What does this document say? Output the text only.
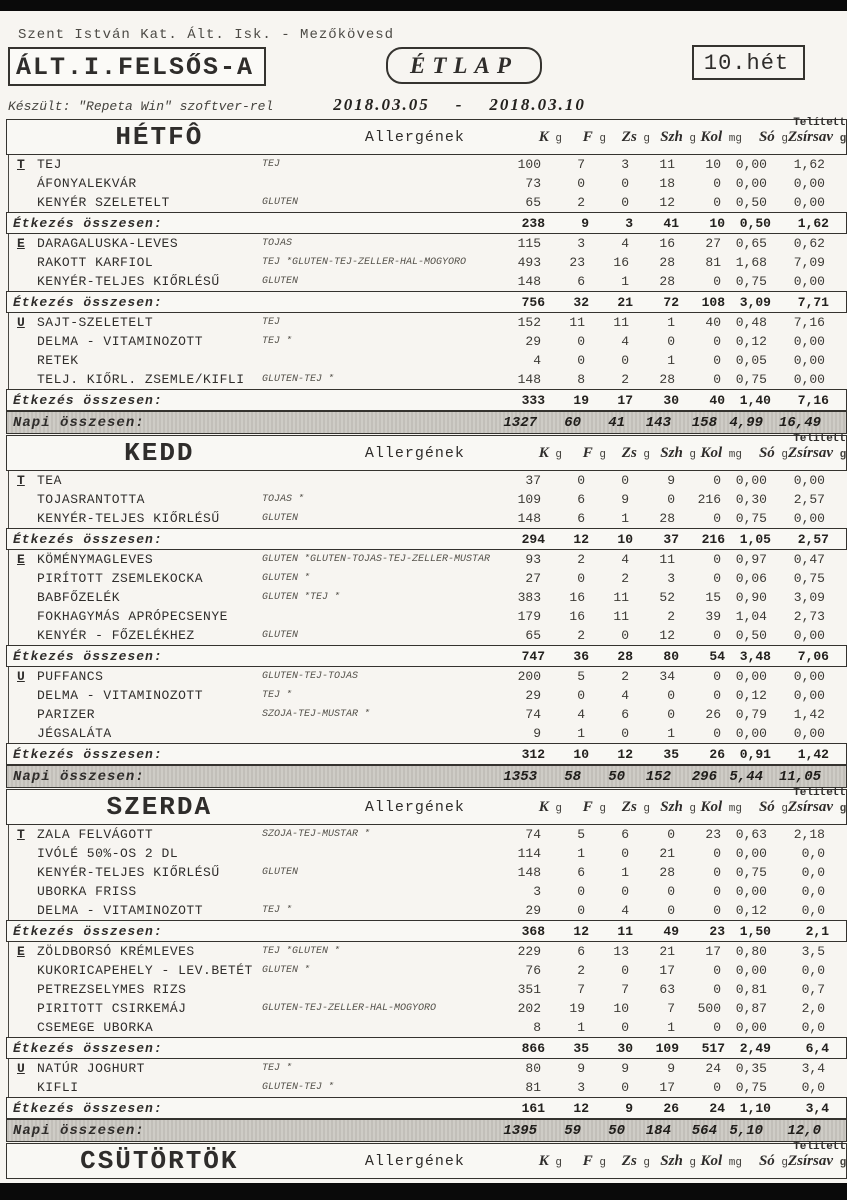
Szent István Kat. Ált. Isk. - Mezőkövesd
ÁLT.I.FELSŐS-A	ÉTLAP	10.hét
Készült: "Repeta Win" szoftver-rel	2018.03.05 - 2018.03.10
HÉTFÔ	Allergének	K g	F g	Zs g Szh g Kol mg	Só g
Telített
Zsírsav g
T TEJ	TEJ	100	7	3	11	10	0,00	1,62
ÁFONYALEKVÁR	73	0	0	18	0	0,00	0,00
KENYÉR SZELETELT	GLUTÉN	65	2	0	12	0	0,50	0,00
Étkezés összesen:	238	9	3	41	10	0,50	1,62
E DARAGALUSKA-LEVES	TOJÁS	115	3	4	16	27	0,65	0,62
RAKOTT KARFIOL	TEJ *GLUTÉN-TEJ-ZELLER-HAL-MOGYORÓ	493	23	16	28	81	1,68	7,09
KENYÉR-TELJES KIŐRLÉSŰ	GLUTÉN	148	6	1	28	0	0,75	0,00
Étkezés összesen:	756	32	21	72	108	3,09	7,71
U SAJT-SZELETELT	TEJ	152	11	11	1	40	0,48	7,16
DELMA - VITAMINOZOTT	TEJ *	29	0	4	0	0	0,12	0,00
RETEK	4	0	0	1	0	0,05	0,00
TELJ. KIŐRL. ZSEMLE/KIFLI	GLUTÉN-TEJ *	148	8	2	28	0	0,75	0,00
Étkezés összesen:	333	19	17	30	40	1,40	7,16
Napi összesen:	1327	60	41	143	158 4,99	16,49
KEDD	Allergének	K g	F g	Zs g Szh g Kol mg	Só g
Telített
Zsírsav g
T TEA	37	0	0	9	0	0,00	0,00
TOJASRANTOTTA	TOJÁS *	109	6	9	0	216	0,30	2,57
KENYÉR-TELJES KIŐRLÉSŰ	GLUTÉN	148	6	1	28	0	0,75	0,00
Étkezés összesen:	294	12	10	37	216	1,05	2,57
E KÖMÉNYMAGLEVES	GLUTÉN *GLUTÉN-TOJÁS-TEJ-ZELLER-MUSTÁR	93	2	4	11	0	0,97	0,47
PIRÍTOTT ZSEMLEKOCKA	GLUTÉN *	27	0	2	3	0	0,06	0,75
BABFŐZELÉK	GLUTÉN *TEJ *	383	16	11	52	15	0,90	3,09
FOKHAGYMÁS APRÓPECSENYE	179	16	11	2	39	1,04	2,73
KENYÉR - FŐZELÉKHEZ	GLUTÉN	65	2	0	12	0	0,50	0,00
Étkezés összesen:	747	36	28	80	54	3,48	7,06
U PUFFANCS	GLUTÉN-TEJ-TOJÁS	200	5	2	34	0	0,00	0,00
DELMA - VITAMINOZOTT	TEJ *	29	0	4	0	0	0,12	0,00
PARIZER	SZÓJA-TEJ-MUSTÁR *	74	4	6	0	26	0,79	1,42
JÉGSALÁTA	9	1	0	1	0	0,00	0,00
Étkezés összesen:	312	10	12	35	26	0,91	1,42
Napi összesen:	1353	58	50	152	296 5,44	11,05
SZERDA	Allergének	K g	F g	Zs g Szh g Kol mg	Só g
Telített
Zsírsav g
T ZALA FELVÁGOTT	SZÓJA-TEJ-MUSTÁR *	74	5	6	0	23	0,63	2,18
IVÓLÉ 50%-OS 2 DL	114	1	0	21	0	0,00	0,0
KENYÉR-TELJES KIŐRLÉSŰ	GLUTÉN	148	6	1	28	0	0,75	0,0
UBORKA FRISS	3	0	0	0	0	0,00	0,0
DELMA - VITAMINOZOTT	TEJ *	29	0	4	0	0	0,12	0,0
Étkezés összesen:	368	12	11	49	23	1,50	2,1
E ZÖLDBORSÓ KRÉMLEVES	TEJ *GLUTÉN *	229	6	13	21	17	0,80	3,5
KUKORICAPEHELY - LEV.BETÉT GLUTÉN *	76	2	0	17	0	0,00	0,0
PETREZSELYMES RIZS	351	7	7	63	0	0,81	0,7
PIRITOTT CSIRKEMÁJ	GLUTÉN-TEJ-ZELLER-HAL-MOGYORÓ	202	19	10	7	500	0,87	2,0
CSEMEGE UBORKA	8	1	0	1	0	0,00	0,0
Étkezés összesen:	866	35	30	109	517	2,49	6,4
U NATÚR JOGHURT	TEJ *	80	9	9	9	24	0,35	3,4
KIFLI	GLUTÉN-TEJ *	81	3	0	17	0	0,75	0,0
Étkezés összesen:	161	12	9	26	24	1,10	3,4
Napi összesen:	1395	59	50	184	564 5,10	12,0
CSÜTÖRTÖK	Allergének	K g	F g	Zs g Szh g Kol mg	Só g
Telített
Zsírsav g
